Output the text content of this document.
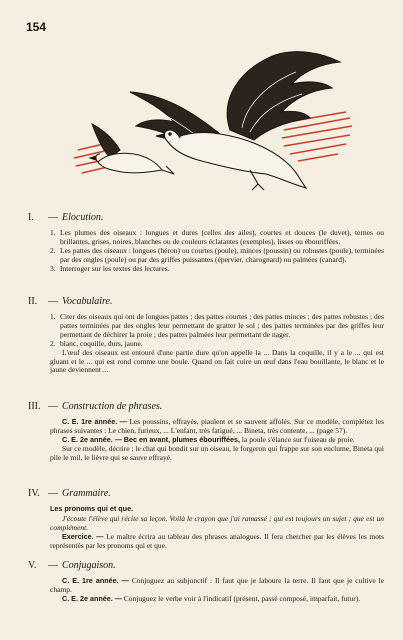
154
I. — Elocution.
1. Les plumes des oiseaux : longues et dures (celles des ailes), courtes et douces (le duvet), ternes ou brillantes, grises, noires, blanches ou de couleurs éclatantes (exemples), lisses ou ébouriffées.
2. Les pattes des oiseaux : longues (héron) ou courtes (poule), minces (poussin) ou robustes (poule), terminées par des ongles (poule) ou par des griffes puissantes (épervier, charognard) ou palmées (canard).
3. Interroger sur les textes des lectures.
II. — Vocabulaire.
1. Citer des oiseaux qui ont de longues pattes ; des pattes courtes ; des pattes minces ; des pattes robustes ; des pattes terminées par des ongles leur permettant de gratter le sol ; des pattes terminées par des griffes leur permettant de déchirer la proie ; des pattes palmées leur permettant de nager.
2. blanc, coquille, durs, jaune.
L'œuf des oiseaux est entouré d'une partie dure qu'on appelle la ... Dans la coquille, il y a le ... qui est gluant et le ... qui est rond comme une boule. Quand on fait cuire un œuf dans l'eau bouillante, le blanc et le jaune deviennent ...
III. — Construction de phrases.
C. E. 1re année. — Les poussins, effrayés, piaulent et se sauvent affolés. Sur ce modèle, complétez les phrases suivantes : Le chien, furieux, ... L'enfant, très fatigué, ... Bineta, très contente, ... (page 57).
C. E. 2e année. — Bec en avant, plumes ébouriffées, la poule s'élance sur l'oiseau de proie.
Sur ce modèle, décrire : le chat qui bondit sur un oiseau, le forgeron qui frappe sur son enclume, Bineta qui pile le mil, le lièvre qui se sauve effrayé.
IV. — Grammaire.
Les pronoms qui et que.
J'écoute l'élève qui récite sa leçon. Voilà le crayon que j'ai ramassé ; qui est toujours un sujet ; que est un complément.
Exercice. — Le maître écrira au tableau des phrases analogues. Il fera chercher par les élèves les mots représentés par les pronoms qui et que.
V. — Conjugaison.
C. E. 1re année. — Conjuguez au subjonctif : Il faut que je laboure la terre. Il faut que je cultive le champ.
C. E. 2e année. — Conjuguez le verbe voir à l'indicatif (présent, passé composé, imparfait, futur).
